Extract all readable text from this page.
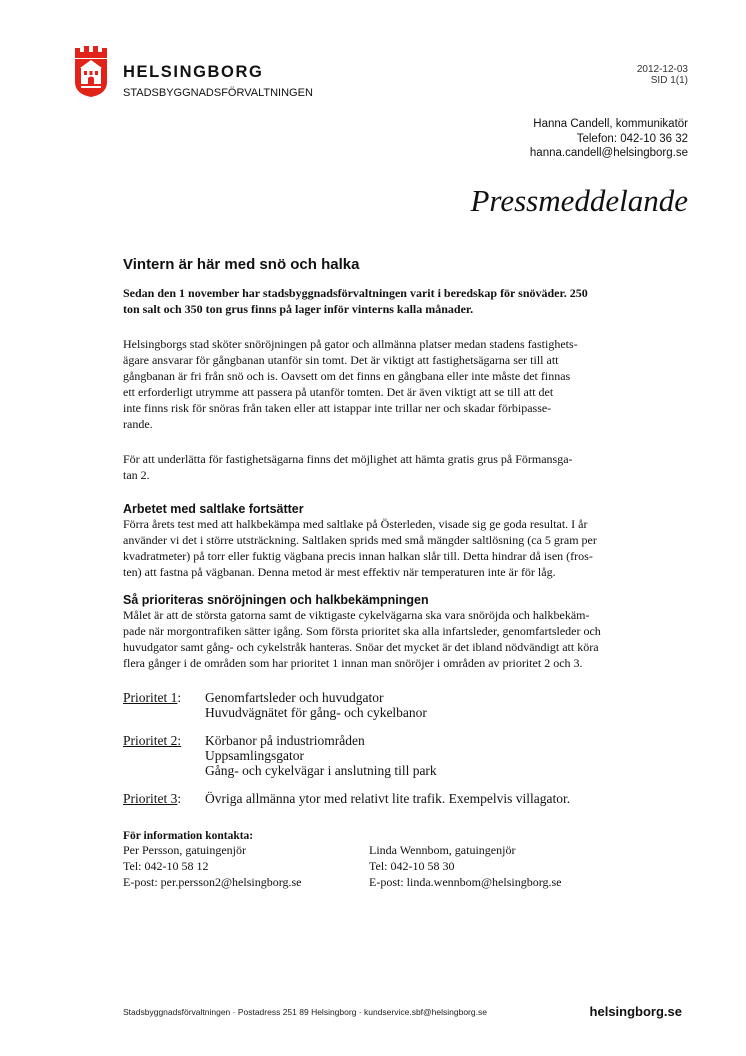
HELSINGBORG
STADSBYGGNADSFÖRVALTNINGEN
2012-12-03
SID 1(1)
Hanna Candell, kommunikatör
Telefon: 042-10 36 32
hanna.candell@helsingborg.se
Pressmeddelande
Vintern är här med snö och halka

Sedan den 1 november har stadsbyggnadsförvaltningen varit i beredskap för snöväder. 250
ton salt och 350 ton grus finns på lager inför vinterns kalla månader.

Helsingborgs stad sköter snöröjningen på gator och allmänna platser medan stadens fastighets-
ägare ansvarar för gångbanan utanför sin tomt. Det är viktigt att fastighetsägarna ser till att
gångbanan är fri från snö och is. Oavsett om det finns en gångbana eller inte måste det finnas
ett erforderligt utrymme att passera på utanför tomten. Det är även viktigt att se till att det
inte finns risk för snöras från taken eller att istappar inte trillar ner och skadar förbipasse-
rande.

För att underlätta för fastighetsägarna finns det möjlighet att hämta gratis grus på Förmansga-
tan 2.

Arbetet med saltlake fortsätter

Förra årets test med att halkbekämpa med saltlake på Österleden, visade sig ge goda resultat. I år
använder vi det i större utsträckning. Saltlaken sprids med små mängder saltlösning (ca 5 gram per
kvadratmeter) på torr eller fuktig vägbana precis innan halkan slår till. Detta hindrar då isen (fros-
ten) att fastna på vägbanan. Denna metod är mest effektiv när temperaturen inte är för låg.

Så prioriteras snöröjningen och halkbekämpningen

Målet är att de största gatorna samt de viktigaste cykelvägarna ska vara snöröjda och halkbekäm-
pade när morgontrafiken sätter igång. Som första prioritet ska alla infartsleder, genomfartsleder och
huvudgator samt gång- och cykelstråk hanteras. Snöar det mycket är det ibland nödvändigt att köra
flera gånger i de områden som har prioritet 1 innan man snöröjer i områden av prioritet 2 och 3.

Prioritet 1:	Genomfartsleder och huvudgator
Huvudvägnätet för gång- och cykelbanor
Prioritet 2:	Körbanor på industriområden
Uppsamlingsgator
Gång- och cykelvägar i anslutning till park
Prioritet 3:	Övriga allmänna ytor med relativt lite trafik. Exempelvis villagator.
För information kontakta:
Per Persson, gatuingenjör
Tel: 042-10 58 12
E-post: per.persson2@helsingborg.se
Linda Wennbom, gatuingenjör
Tel: 042-10 58 30
E-post: linda.wennbom@helsingborg.se
Stadsbyggnadsförvaltningen · Postadress 251 89 Helsingborg · kundservice.sbf@helsingborg.se	helsingborg.se
